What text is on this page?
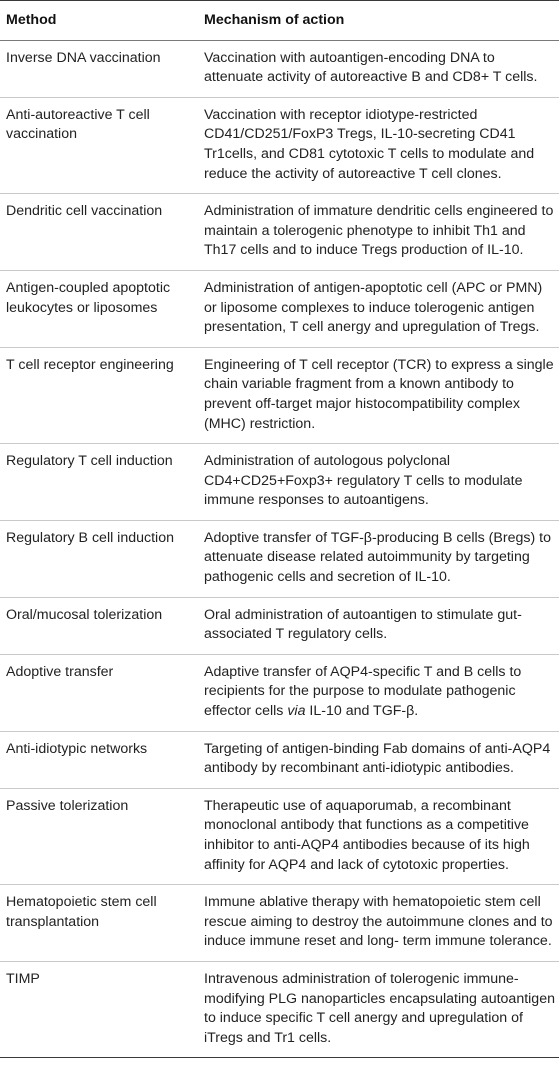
Method	Mechanism of action
Inverse DNA vaccination	Vaccination with autoantigen-encoding DNA to attenuate activity of autoreactive B and CD8+ T cells.
Anti-autoreactive T cell vaccination	Vaccination with receptor idiotype-restricted CD41/CD251/FoxP3 Tregs, IL-10-secreting CD41 Tr1cells, and CD81 cytotoxic T cells to modulate and reduce the activity of autoreactive T cell clones.
Dendritic cell vaccination	Administration of immature dendritic cells engineered to maintain a tolerogenic phenotype to inhibit Th1 and Th17 cells and to induce Tregs production of IL-10.
Antigen-coupled apoptotic leukocytes or liposomes	Administration of antigen-apoptotic cell (APC or PMN) or liposome complexes to induce tolerogenic antigen presentation, T cell anergy and upregulation of Tregs.
T cell receptor engineering	Engineering of T cell receptor (TCR) to express a single chain variable fragment from a known antibody to prevent off-target major histocompatibility complex (MHC) restriction.
Regulatory T cell induction	Administration of autologous polyclonal CD4+CD25+Foxp3+ regulatory T cells to modulate immune responses to autoantigens.
Regulatory B cell induction	Adoptive transfer of TGF-β-producing B cells (Bregs) to attenuate disease related autoimmunity by targeting pathogenic cells and secretion of IL-10.
Oral/mucosal tolerization	Oral administration of autoantigen to stimulate gut-associated T regulatory cells.
Adoptive transfer	Adaptive transfer of AQP4-specific T and B cells to recipients for the purpose to modulate pathogenic effector cells via IL-10 and TGF-β.
Anti-idiotypic networks	Targeting of antigen-binding Fab domains of anti-AQP4 antibody by recombinant anti-idiotypic antibodies.
Passive tolerization	Therapeutic use of aquaporumab, a recombinant monoclonal antibody that functions as a competitive inhibitor to anti-AQP4 antibodies because of its high affinity for AQP4 and lack of cytotoxic properties.
Hematopoietic stem cell transplantation	Immune ablative therapy with hematopoietic stem cell rescue aiming to destroy the autoimmune clones and to induce immune reset and long- term immune tolerance.
TIMP	Intravenous administration of tolerogenic immune-modifying PLG nanoparticles encapsulating autoantigen to induce specific T cell anergy and upregulation of iTregs and Tr1 cells.
